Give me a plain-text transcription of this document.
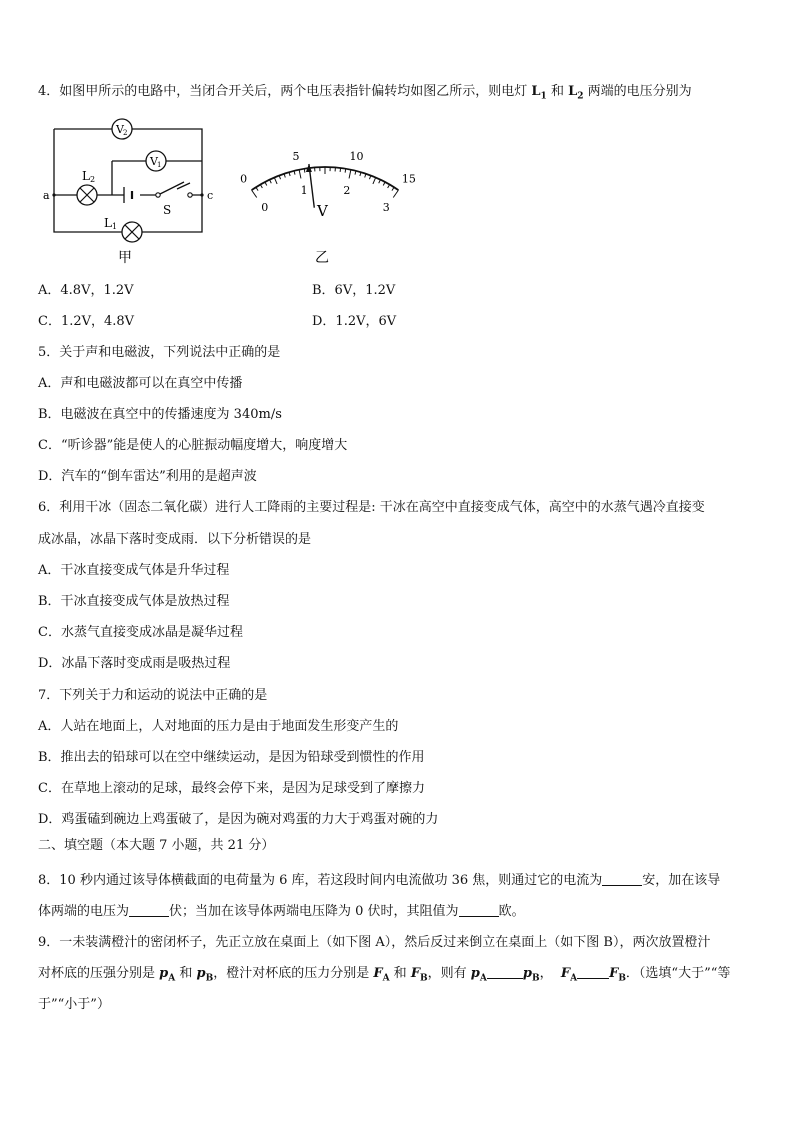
4．如图甲所示的电路中，当闭合开关后，两个电压表指针偏转均如图乙所示，则电灯 $L_1$ 和 $L_2$ 两端的电压分别为
V 2
V 1
L 2
S
L 1
a	c
甲
0
5	10
15
0
1	2
3
V
乙
A．4.8V，1.2V	B．6V，1.2V
C．1.2V，4.8V	D．1.2V，6V
5．关于声和电磁波，下列说法中正确的是
A．声和电磁波都可以在真空中传播
B．电磁波在真空中的传播速度为 340m/s
C．“听诊器”能是使人的心脏振动幅度增大，响度增大
D．汽车的“倒车雷达”利用的是超声波
6．利用干冰（固态二氧化碳）进行人工降雨的主要过程是: 干冰在高空中直接变成气体，高空中的水蒸气遇冷直接变
成冰晶，冰晶下落时变成雨．以下分析错误的是
A．干冰直接变成气体是升华过程
B．干冰直接变成气体是放热过程
C．水蒸气直接变成冰晶是凝华过程
D．冰晶下落时变成雨是吸热过程
7．下列关于力和运动的说法中正确的是
A．人站在地面上，人对地面的压力是由于地面发生形变产生的
B．推出去的铅球可以在空中继续运动，是因为铅球受到惯性的作用
C．在草地上滚动的足球，最终会停下来，是因为足球受到了摩擦力
D．鸡蛋磕到碗边上鸡蛋破了，是因为碗对鸡蛋的力大于鸡蛋对碗的力
二、填空题（本大题 7 小题，共 21 分）
8．10 秒内通过该导体横截面的电荷量为 6 库，若这段时间内电流做功 36 焦，则通过它的电流为	安，加在该导
体两端的电压为	伏；当加在该导体两端电压降为 0 伏时，其阻值为	欧。
9．一未装满橙汁的密闭杯子，先正立放在桌面上（如下图 A），然后反过来倒立在桌面上（如下图 B），两次放置橙汁
对杯底的压强分别是 $p_A$ 和 $p_B$，橙汁对杯底的压力分别是 $F_A$ 和 $F_B$，则有 $p_A$	$p_B$， $F_A$ $F_B$．（选填“大于”“等
于”“小于”）
